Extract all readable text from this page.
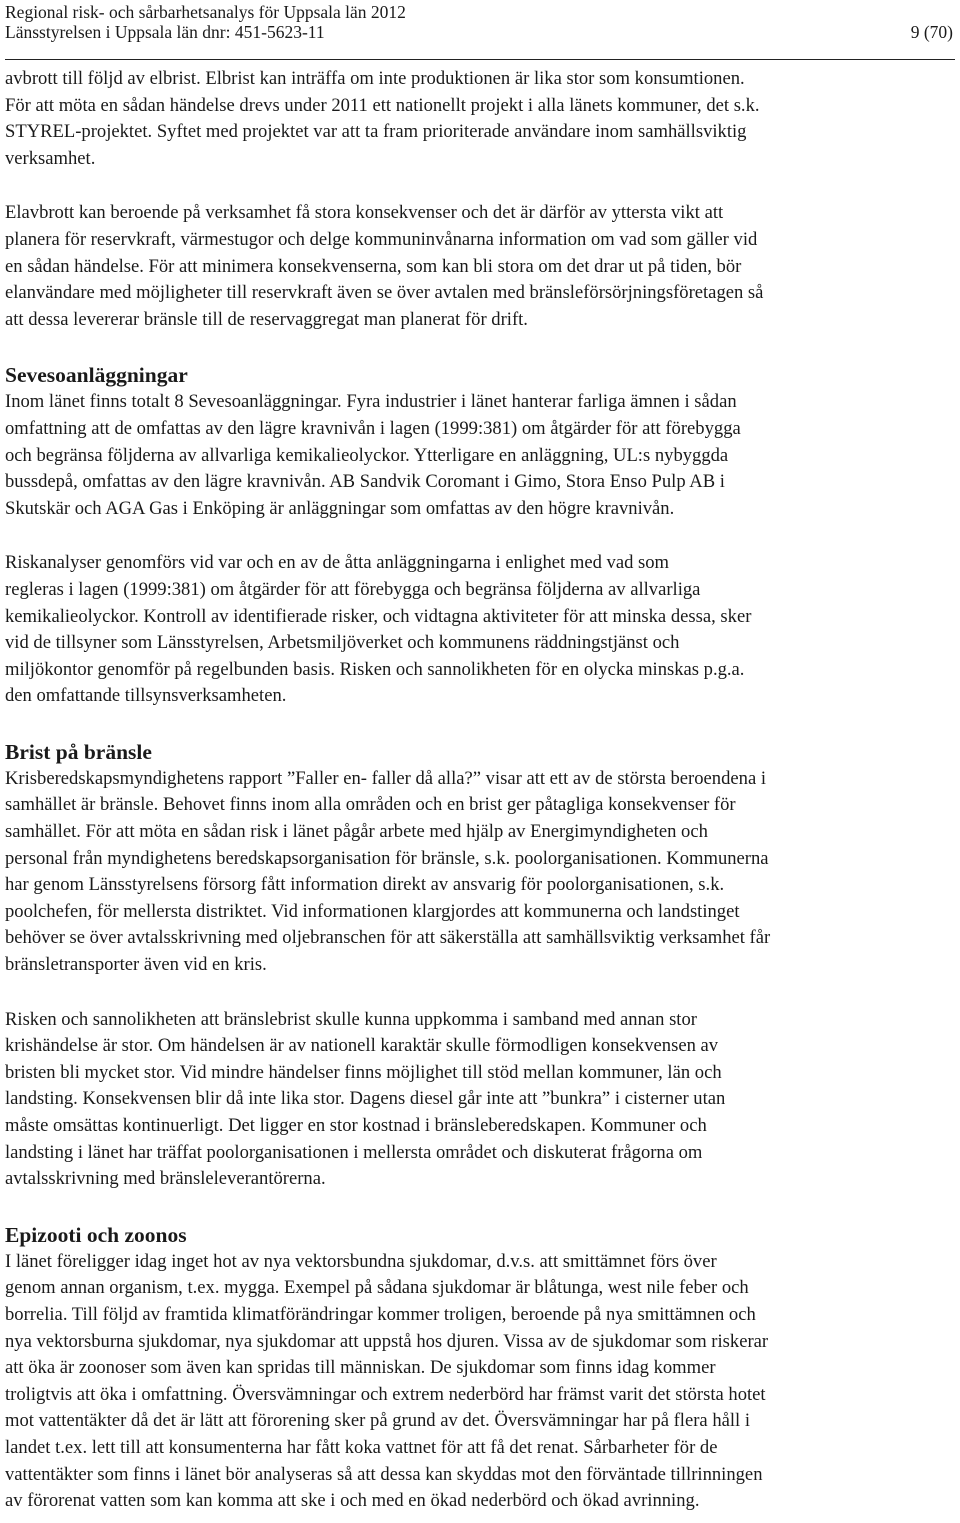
Regional risk- och sårbarhetsanalys för Uppsala län 2012
Länsstyrelsen i Uppsala län dnr: 451-5623-11	9 (70)

avbrott till följd av elbrist. Elbrist kan inträffa om inte produktionen är lika stor som konsumtionen.
För att möta en sådan händelse drevs under 2011 ett nationellt projekt i alla länets kommuner, det s.k.
STYREL-projektet. Syftet med projektet var att ta fram prioriterade användare inom samhällsviktig
verksamhet.

Elavbrott kan beroende på verksamhet få stora konsekvenser och det är därför av yttersta vikt att
planera för reservkraft, värmestugor och delge kommuninvånarna information om vad som gäller vid
en sådan händelse. För att minimera konsekvenserna, som kan bli stora om det drar ut på tiden, bör
elanvändare med möjligheter till reservkraft även se över avtalen med bränsleförsörjningsföretagen så
att dessa levererar bränsle till de reservaggregat man planerat för drift.

Sevesoanläggningar

Inom länet finns totalt 8 Sevesoanläggningar. Fyra industrier i länet hanterar farliga ämnen i sådan
omfattning att de omfattas av den lägre kravnivån i lagen (1999:381) om åtgärder för att förebygga
och begränsa följderna av allvarliga kemikalieolyckor. Ytterligare en anläggning, UL:s nybyggda
bussdepå, omfattas av den lägre kravnivån. AB Sandvik Coromant i Gimo, Stora Enso Pulp AB i
Skutskär och AGA Gas i Enköping är anläggningar som omfattas av den högre kravnivån.

Riskanalyser genomförs vid var och en av de åtta anläggningarna i enlighet med vad som
regleras i lagen (1999:381) om åtgärder för att förebygga och begränsa följderna av allvarliga
kemikalieolyckor. Kontroll av identifierade risker, och vidtagna aktiviteter för att minska dessa, sker
vid de tillsyner som Länsstyrelsen, Arbetsmiljöverket och kommunens räddningstjänst och
miljökontor genomför på regelbunden basis. Risken och sannolikheten för en olycka minskas p.g.a.
den omfattande tillsynsverksamheten.

Brist på bränsle

Krisberedskapsmyndighetens rapport ”Faller en- faller då alla?” visar att ett av de största beroendena i
samhället är bränsle. Behovet finns inom alla områden och en brist ger påtagliga konsekvenser för
samhället. För att möta en sådan risk i länet pågår arbete med hjälp av Energimyndigheten och
personal från myndighetens beredskapsorganisation för bränsle, s.k. poolorganisationen. Kommunerna
har genom Länsstyrelsens försorg fått information direkt av ansvarig för poolorganisationen, s.k.
poolchefen, för mellersta distriktet. Vid informationen klargjordes att kommunerna och landstinget
behöver se över avtalsskrivning med oljebranschen för att säkerställa att samhällsviktig verksamhet får
bränsletransporter även vid en kris.

Risken och sannolikheten att bränslebrist skulle kunna uppkomma i samband med annan stor
krishändelse är stor. Om händelsen är av nationell karaktär skulle förmodligen konsekvensen av
bristen bli mycket stor. Vid mindre händelser finns möjlighet till stöd mellan kommuner, län och
landsting. Konsekvensen blir då inte lika stor. Dagens diesel går inte att ”bunkra” i cisterner utan
måste omsättas kontinuerligt. Det ligger en stor kostnad i bränsleberedskapen. Kommuner och
landsting i länet har träffat poolorganisationen i mellersta området och diskuterat frågorna om
avtalsskrivning med bränsleleverantörerna.

Epizooti och zoonos

I länet föreligger idag inget hot av nya vektorsbundna sjukdomar, d.v.s. att smittämnet förs över
genom annan organism, t.ex. mygga. Exempel på sådana sjukdomar är blåtunga, west nile feber och
borrelia. Till följd av framtida klimatförändringar kommer troligen, beroende på nya smittämnen och
nya vektorsburna sjukdomar, nya sjukdomar att uppstå hos djuren. Vissa av de sjukdomar som riskerar
att öka är zoonoser som även kan spridas till människan. De sjukdomar som finns idag kommer
troligtvis att öka i omfattning. Översvämningar och extrem nederbörd har främst varit det största hotet
mot vattentäkter då det är lätt att förorening sker på grund av det. Översvämningar har på flera håll i
landet t.ex. lett till att konsumenterna har fått koka vattnet för att få det renat. Sårbarheter för de
vattentäkter som finns i länet bör analyseras så att dessa kan skyddas mot den förväntade tillrinningen
av förorenat vatten som kan komma att ske i och med en ökad nederbörd och ökad avrinning.
